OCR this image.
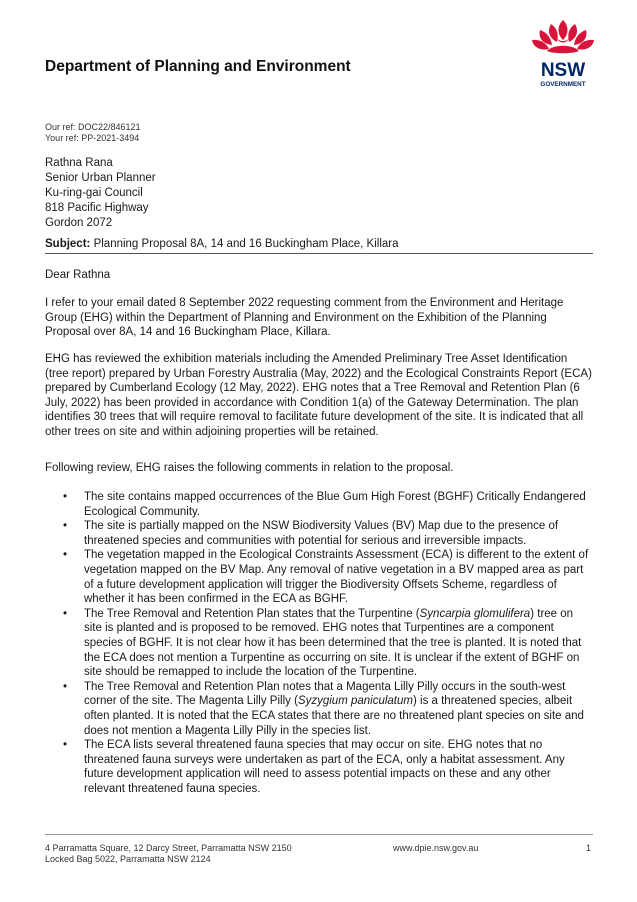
Department of Planning and Environment	NSW
GOVERNMENT
Our ref: DOC22/846121
Your ref: PP-2021-3494
Rathna Rana
Senior Urban Planner
Ku-ring-gai Council
818 Pacific Highway
Gordon 2072
Subject: Planning Proposal 8A, 14 and 16 Buckingham Place, Killara
Dear Rathna
I refer to your email dated 8 September 2022 requesting comment from the Environment and Heritage Group (EHG) within the Department of Planning and Environment on the Exhibition of the Planning Proposal over 8A, 14 and 16 Buckingham Place, Killara.
EHG has reviewed the exhibition materials including the Amended Preliminary Tree Asset Identification (tree report) prepared by Urban Forestry Australia (May, 2022) and the Ecological Constraints Report (ECA) prepared by Cumberland Ecology (12 May, 2022). EHG notes that a Tree Removal and Retention Plan (6 July, 2022) has been provided in accordance with Condition 1(a) of the Gateway Determination. The plan identifies 30 trees that will require removal to facilitate future development of the site. It is indicated that all other trees on site and within adjoining properties will be retained.
Following review, EHG raises the following comments in relation to the proposal.
• The site contains mapped occurrences of the Blue Gum High Forest (BGHF) Critically Endangered Ecological Community.
• The site is partially mapped on the NSW Biodiversity Values (BV) Map due to the presence of threatened species and communities with potential for serious and irreversible impacts.
• The vegetation mapped in the Ecological Constraints Assessment (ECA) is different to the extent of vegetation mapped on the BV Map. Any removal of native vegetation in a BV mapped area as part of a future development application will trigger the Biodiversity Offsets Scheme, regardless of whether it has been confirmed in the ECA as BGHF.
• The Tree Removal and Retention Plan states that the Turpentine (Syncarpia glomulifera) tree on site is planted and is proposed to be removed. EHG notes that Turpentines are a component species of BGHF. It is not clear how it has been determined that the tree is planted. It is noted that the ECA does not mention a Turpentine as occurring on site. It is unclear if the extent of BGHF on site should be remapped to include the location of the Turpentine.
• The Tree Removal and Retention Plan notes that a Magenta Lilly Pilly occurs in the south-west corner of the site. The Magenta Lilly Pilly (Syzygium paniculatum) is a threatened species, albeit often planted. It is noted that the ECA states that there are no threatened plant species on site and does not mention a Magenta Lilly Pilly in the species list.
• The ECA lists several threatened fauna species that may occur on site. EHG notes that no threatened fauna surveys were undertaken as part of the ECA, only a habitat assessment. Any future development application will need to assess potential impacts on these and any other relevant threatened fauna species.
4 Parramatta Square, 12 Darcy Street, Parramatta NSW 2150
Locked Bag 5022, Parramatta NSW 2124
www.dpie.nsw.gov.au	1
